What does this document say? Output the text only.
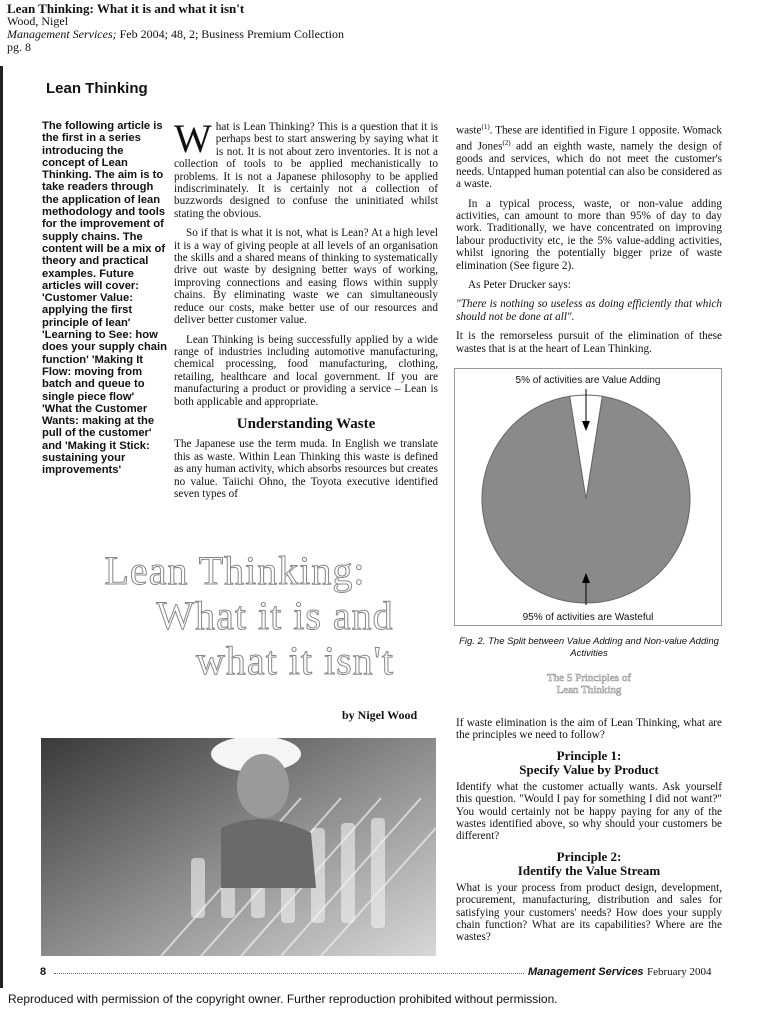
Lean Thinking: What it is and what it isn't
Wood, Nigel
Management Services; Feb 2004; 48, 2; Business Premium Collection
pg. 8
Lean Thinking
The following article is the first in a series introducing the concept of Lean Thinking. The aim is to take readers through the application of lean methodology and tools for the improvement of supply chains. The content will be a mix of theory and practical examples. Future articles will cover: 'Customer Value: applying the first principle of lean' 'Learning to See: how does your supply chain function' 'Making It Flow: moving from batch and queue to single piece flow' 'What the Customer Wants: making at the pull of the customer' and 'Making it Stick: sustaining your improvements'

What is Lean Thinking? This is a question that it is perhaps best to start answering by saying what it is not. It is not about zero inventories. It is not a collection of tools to be applied mechanistically to problems. It is not a Japanese philosophy to be applied indiscriminately. It is certainly not a collection of buzzwords designed to confuse the uninitiated whilst stating the obvious.

So if that is what it is not, what is Lean? At a high level it is a way of giving people at all levels of an organisation the skills and a shared means of thinking to systematically drive out waste by designing better ways of working, improving connections and easing flows within supply chains. By eliminating waste we can simultaneously reduce our costs, make better use of our resources and deliver better customer value.

Lean Thinking is being successfully applied by a wide range of industries including automotive manufacturing, chemical processing, food manufacturing, clothing, retailing, healthcare and local government. If you are manufacturing a product or providing a service – Lean is both applicable and appropriate.

Understanding Waste

The Japanese use the term muda. In English we translate this as waste. Within Lean Thinking this waste is defined as any human activity, which absorbs resources but creates no value. Taiichi Ohno, the Toyota executive identified seven types of

waste$^{(1)}$. These are identified in Figure 1 opposite. Womack and Jones$^{(2)}$ add an eighth waste, namely the design of goods and services, which do not meet the customer's needs. Untapped human potential can also be considered as a waste.

In a typical process, waste, or non-value adding activities, can amount to more than 95% of day to day work. Traditionally, we have concentrated on improving labour productivity etc, ie the 5% value-adding activities, whilst ignoring the potentially bigger prize of waste elimination (See figure 2).

As Peter Drucker says:

"There is nothing so useless as doing efficiently that which should not be done at all".

It is the remorseless pursuit of the elimination of these wastes that is at the heart of Lean Thinking.

5% of activities are Value Adding
95% of activities are Wasteful
Fig. 2. The Split between Value Adding and Non-value Adding Activities
Lean Thinking:
What it is and
what it isn't	The 5 Principles of
Lean Thinking
by Nigel Wood

If waste elimination is the aim of Lean Thinking, what are the principles we need to follow?

Principle 1:
Specify Value by Product

Identify what the customer actually wants. Ask yourself this question. "Would I pay for something I did not want?" You would certainly not be happy paying for any of the wastes identified above, so why should your customers be different?

Principle 2:
Identify the Value Stream

What is your process from product design, development, procurement, manufacturing, distribution and sales for satisfying your customers' needs? How does your supply chain function? What are its capabilities? Where are the wastes?

8	Management Services February 2004
Reproduced with permission of the copyright owner. Further reproduction prohibited without permission.
